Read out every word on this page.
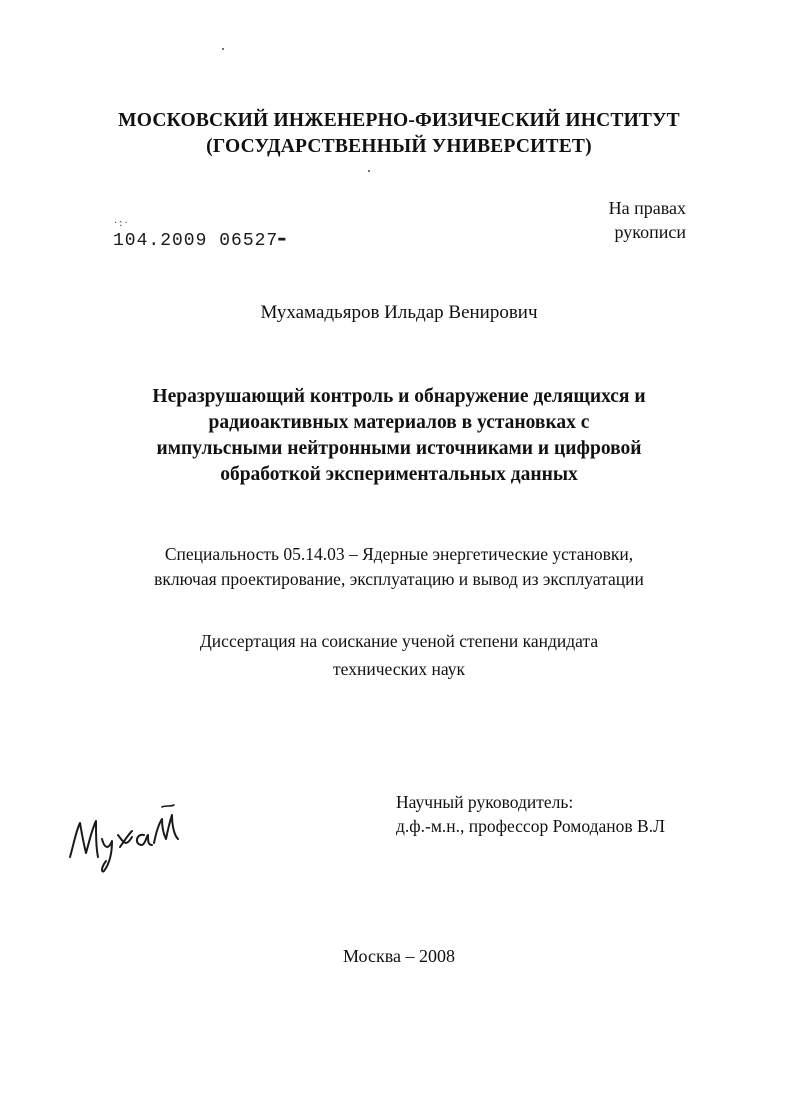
МОСКОВСКИЙ ИНЖЕНЕРНО-ФИЗИЧЕСКИЙ ИНСТИТУТ
(ГОСУДАРСТВЕННЫЙ УНИВЕРСИТЕТ)
На правах
рукописи
·:·
104.2009 06527▬
Мухамадьяров Ильдар Венирович
Неразрушающий контроль и обнаружение делящихся и
радиоактивных материалов в установках с
импульсными нейтронными источниками и цифровой
обработкой экспериментальных данных
Специальность 05.14.03 – Ядерные энергетические установки,
включая проектирование, эксплуатацию и вывод из эксплуатации
Диссертация на соискание ученой степени кандидата
технических наук
Научный руководитель:
д.ф.-м.н., профессор Ромоданов В.Л
Москва – 2008
